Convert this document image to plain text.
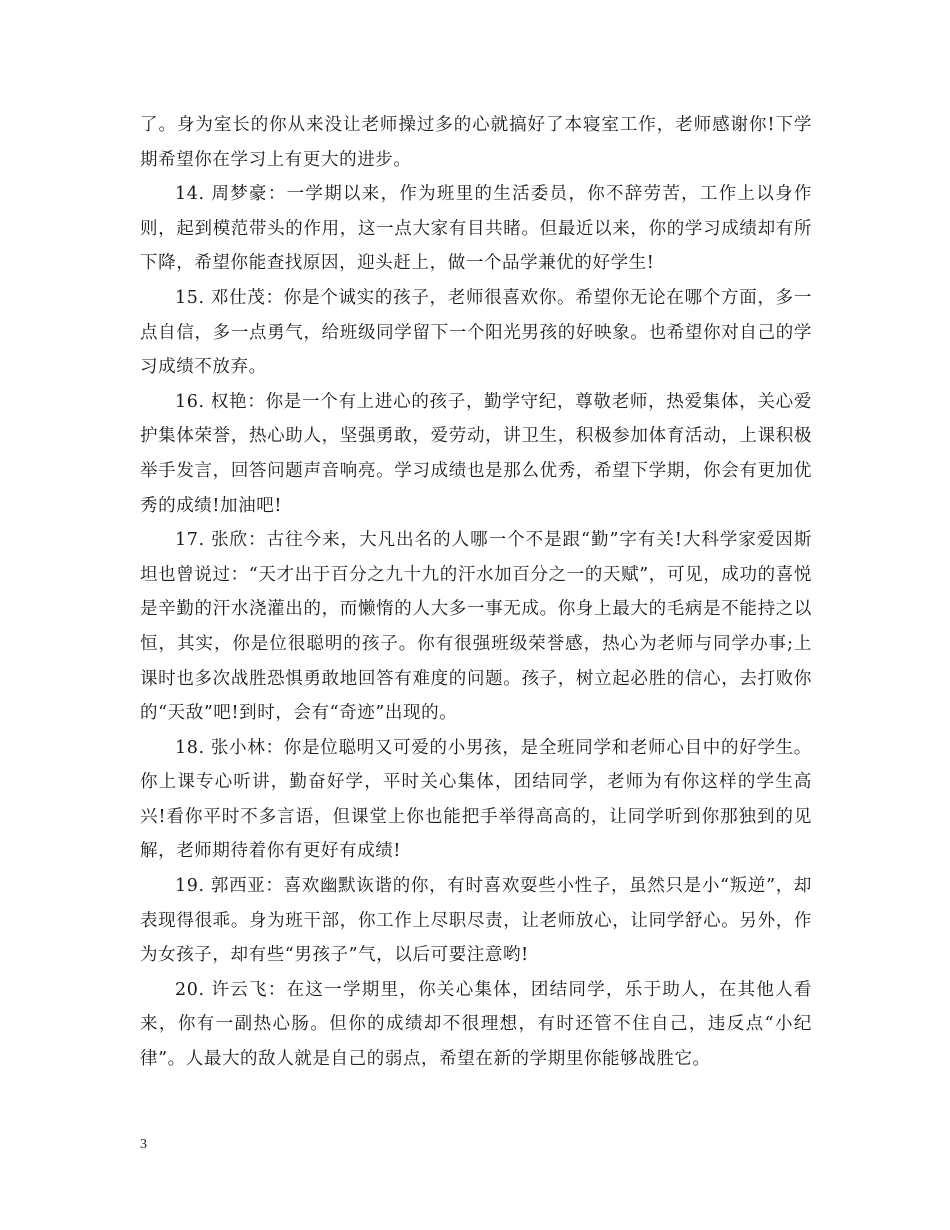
了。身为室长的你从来没让老师操过多的心就搞好了本寝室工作，老师感谢你!下学期希望你在学习上有更大的进步。

14. 周梦豪：一学期以来，作为班里的生活委员，你不辞劳苦，工作上以身作则，起到模范带头的作用，这一点大家有目共睹。但最近以来，你的学习成绩却有所下降，希望你能查找原因，迎头赶上，做一个品学兼优的好学生!

15. 邓仕茂：你是个诚实的孩子，老师很喜欢你。希望你无论在哪个方面，多一点自信，多一点勇气，给班级同学留下一个阳光男孩的好映象。也希望你对自己的学习成绩不放弃。

16. 权艳：你是一个有上进心的孩子，勤学守纪，尊敬老师，热爱集体，关心爱护集体荣誉，热心助人，坚强勇敢，爱劳动，讲卫生，积极参加体育活动，上课积极举手发言，回答问题声音响亮。学习成绩也是那么优秀，希望下学期，你会有更加优秀的成绩!加油吧!

17. 张欣：古往今来，大凡出名的人哪一个不是跟“勤”字有关!大科学家爱因斯坦也曾说过：“天才出于百分之九十九的汗水加百分之一的天赋”，可见，成功的喜悦是辛勤的汗水浇灌出的，而懒惰的人大多一事无成。你身上最大的毛病是不能持之以恒，其实，你是位很聪明的孩子。你有很强班级荣誉感，热心为老师与同学办事;上课时也多次战胜恐惧勇敢地回答有难度的问题。孩子，树立起必胜的信心，去打败你的“天敌”吧!到时，会有“奇迹”出现的。

18. 张小林：你是位聪明又可爱的小男孩，是全班同学和老师心目中的好学生。你上课专心听讲，勤奋好学，平时关心集体，团结同学，老师为有你这样的学生高兴!看你平时不多言语，但课堂上你也能把手举得高高的，让同学听到你那独到的见解，老师期待着你有更好有成绩!

19. 郭西亚：喜欢幽默诙谐的你，有时喜欢耍些小性子，虽然只是小“叛逆”，却表现得很乖。身为班干部，你工作上尽职尽责，让老师放心，让同学舒心。另外，作为女孩子，却有些“男孩子”气，以后可要注意哟!

20. 许云飞：在这一学期里，你关心集体，团结同学，乐于助人，在其他人看来，你有一副热心肠。但你的成绩却不很理想，有时还管不住自己，违反点“小纪律”。人最大的敌人就是自己的弱点，希望在新的学期里你能够战胜它。

3
